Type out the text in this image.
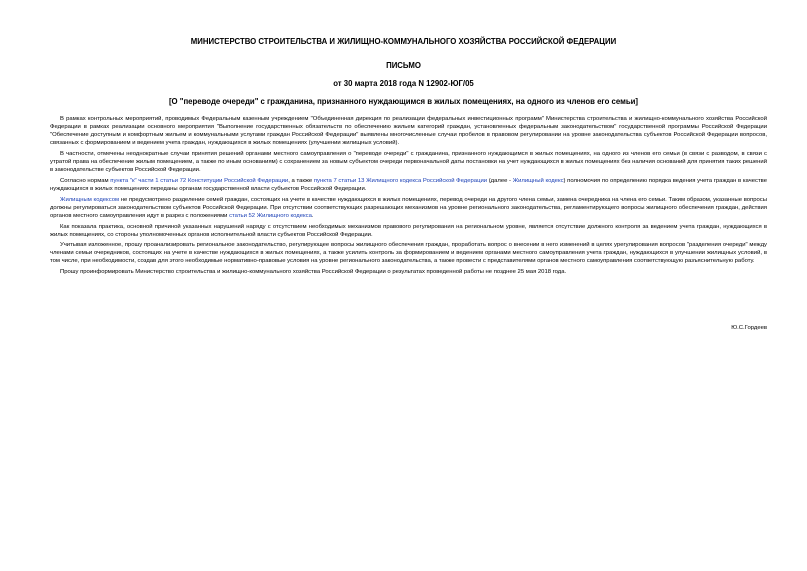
МИНИСТЕРСТВО СТРОИТЕЛЬСТВА И ЖИЛИЩНО-КОММУНАЛЬНОГО ХОЗЯЙСТВА РОССИЙСКОЙ ФЕДЕРАЦИИ
ПИСЬМО
от 30 марта 2018 года N 12902-ЮГ/05
[О "переводе очереди" с гражданина, признанного нуждающимся в жилых помещениях, на одного из членов его семьи]

В рамках контрольных мероприятий, проводимых Федеральным казенным учреждением "Объединенная дирекция по реализации федеральных инвестиционных программ" Министерства строительства и жилищно-коммунального хозяйства Российской Федерации в рамках реализации основного мероприятия "Выполнение государственных обязательств по обеспечению жильем категорий граждан, установленных федеральным законодательством" государственной программы Российской Федерации "Обеспечение доступным и комфортным жильем и коммунальными услугами граждан Российской Федерации" выявлены многочисленные случаи пробелов в правовом регулировании на уровне законодательства субъектов Российской Федерации вопросов, связанных с формированием и ведением учета граждан, нуждающихся в жилых помещениях (улучшении жилищных условий).

В частности, отмечены неоднократные случаи принятия решений органами местного самоуправления о "переводе очереди" с гражданина, признанного нуждающимся в жилых помещениях, на одного из членов его семьи (в связи с разводом, в связи с утратой права на обеспечение жилым помещением, а также по иным основаниям) с сохранением за новым субъектом очереди первоначальной даты постановки на учет нуждающихся в жилых помещениях без наличия оснований для принятия таких решений в законодательстве субъектов Российской Федерации.

Согласно нормам пункта "к" части 1 статьи 72 Конституции Российской Федерации, а также пункта 7 статьи 13 Жилищного кодекса Российской Федерации (далее - Жилищный кодекс) полномочия по определению порядка ведения учета граждан в качестве нуждающихся в жилых помещениях переданы органам государственной власти субъектов Российской Федерации.

Жилищным кодексом не предусмотрено разделение семей граждан, состоящих на учете в качестве нуждающихся в жилых помещениях, перевод очереди на другого члена семьи, замена очередника на члена его семьи. Таким образом, указанные вопросы должны регулироваться законодательством субъектов Российской Федерации. При отсутствии соответствующих разрешающих механизмов на уровне регионального законодательства, регламентирующего вопросы жилищного обеспечения граждан, действия органов местного самоуправления идут в разрез с положениями статьи 52 Жилищного кодекса.

Как показала практика, основной причиной указанных нарушений наряду с отсутствием необходимых механизмов правового регулирования на региональном уровне, является отсутствие должного контроля за ведением учета граждан, нуждающихся в жилых помещениях, со стороны уполномоченных органов исполнительной власти субъектов Российской Федерации.

Учитывая изложенное, прошу проанализировать региональное законодательство, регулирующее вопросы жилищного обеспечения граждан, проработать вопрос о внесении в него изменений в целях урегулирования вопросов "разделения очереди" между членами семьи очередников, состоящих на учете в качестве нуждающихся в жилых помещениях, а также усилить контроль за формированием и ведением органами местного самоуправления учета граждан, нуждающихся в улучшении жилищных условий, в том числе, при необходимости, создав для этого необходимые нормативно-правовые условия на уровне регионального законодательства, а также провести с представителями органов местного самоуправления соответствующую разъяснительную работу.

Прошу проинформировать Министерство строительства и жилищно-коммунального хозяйства Российской Федерации о результатах проведенной работы не позднее 25 мая 2018 года.

Ю.С.Гордеев
